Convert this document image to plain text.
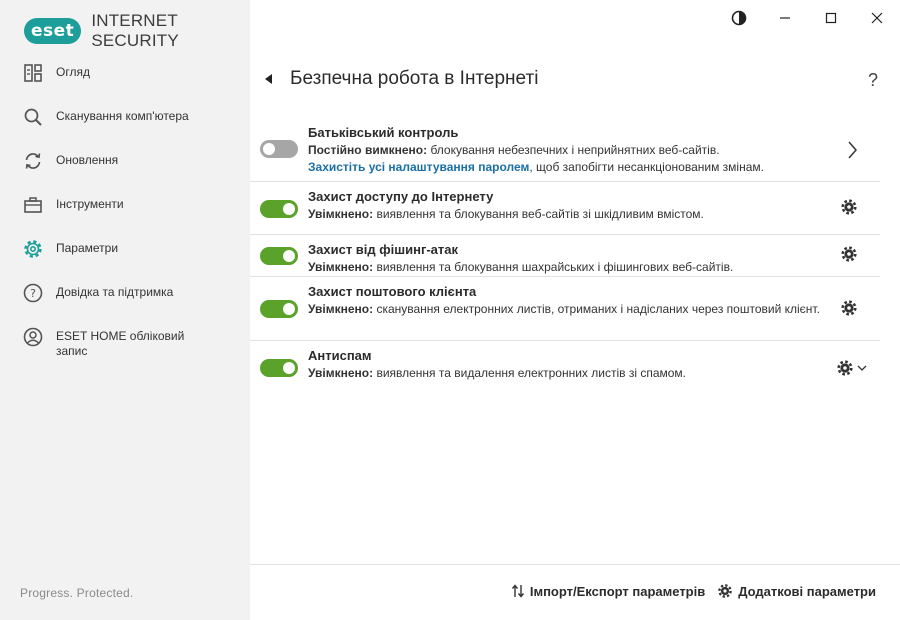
eset
INTERNET SECURITY
Огляд
Сканування комп'ютера
Оновлення
Інструменти
Параметри
? Довідка та підтримка
ESET HOME обліковий запис
Progress. Protected.
Безпечна робота в Інтернеті	?
Батьківський контроль
Постійно вимкнено: блокування небезпечних і неприйнятних веб-сайтів.
Захистіть усі налаштування паролем, щоб запобігти несанкціонованим змінам.
Захист доступу до Інтернету
Увімкнено: виявлення та блокування веб-сайтів зі шкідливим вмістом.
Захист від фішинг-атак
Увімкнено: виявлення та блокування шахрайських і фішингових веб-сайтів.
Захист поштового клієнта
Увімкнено: сканування електронних листів, отриманих і надісланих через поштовий клієнт.
Антиспам
Увімкнено: виявлення та видалення електронних листів зі спамом.
Імпорт/Експорт параметрів	Додаткові параметри
